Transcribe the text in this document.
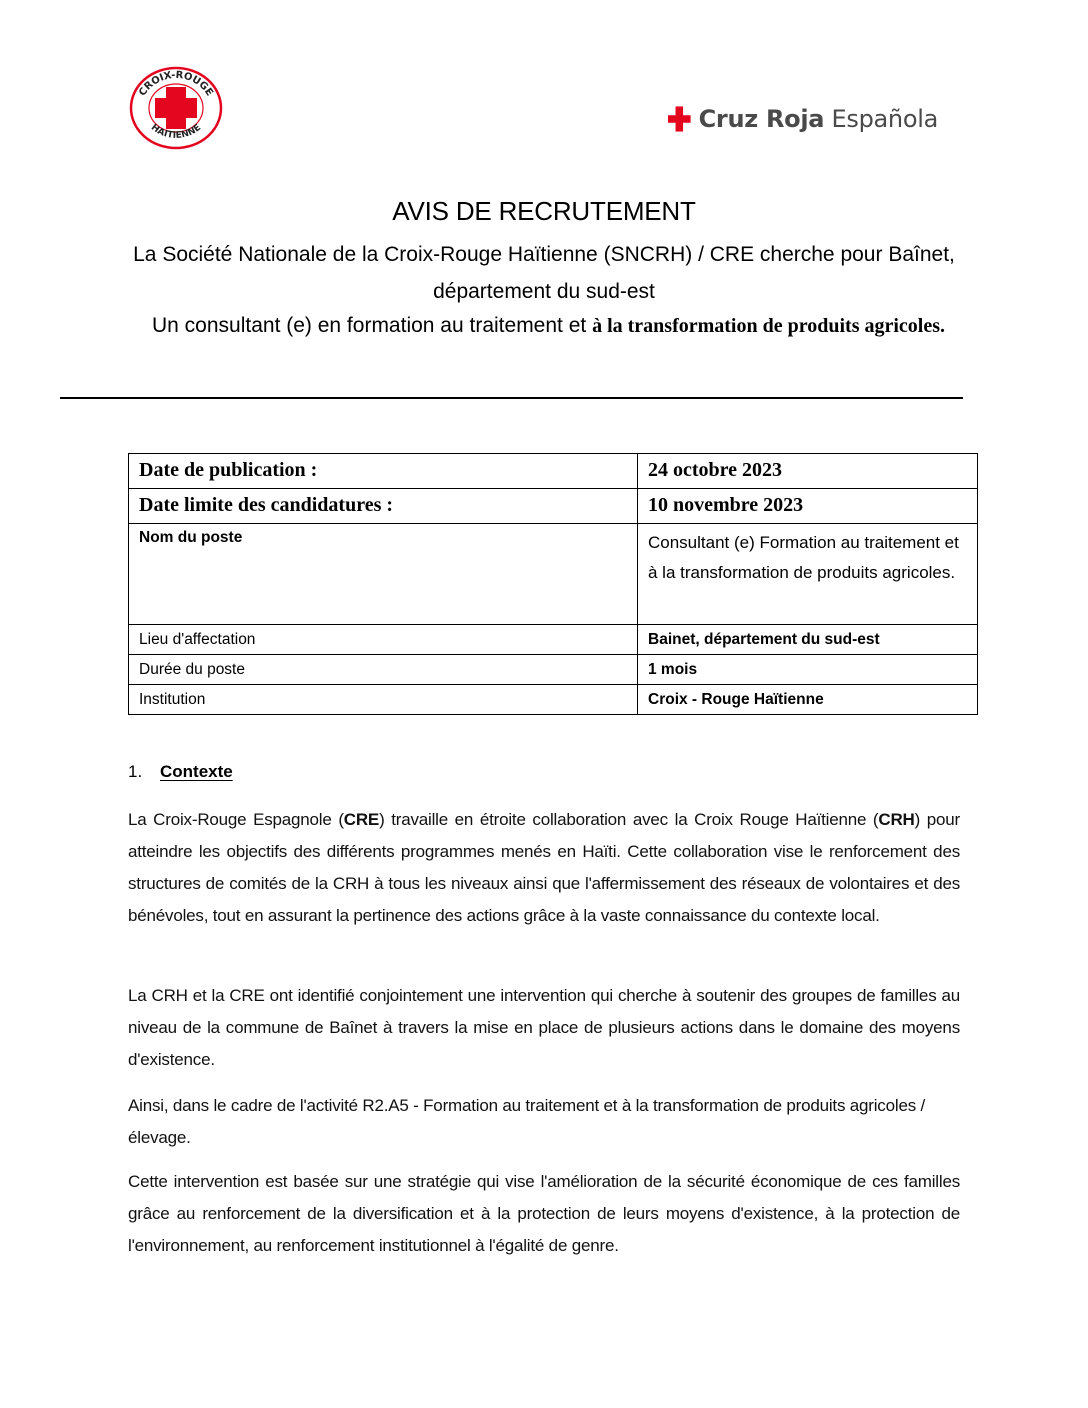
CROIX-ROUGE
HAITIENNE	Cruz Roja Española
AVIS DE RECRUTEMENT
La Société Nationale de la Croix-Rouge Haïtienne (SNCRH) / CRE cherche pour Baînet, département du sud-est
Un consultant (e) en formation au traitement et à la transformation de produits agricoles.
Date de publication :	24 octobre 2023
Date limite des candidatures :	10 novembre 2023
Nom du poste	Consultant (e) Formation au traitement et à la transformation de produits agricoles.
Lieu d'affectation	Bainet, département du sud-est
Durée du poste	1 mois
Institution	Croix - Rouge Haïtienne
1. Contexte
La Croix-Rouge Espagnole (CRE) travaille en étroite collaboration avec la Croix Rouge Haïtienne (CRH) pour atteindre les objectifs des différents programmes menés en Haïti. Cette collaboration vise le renforcement des structures de comités de la CRH à tous les niveaux ainsi que l'affermissement des réseaux de volontaires et des bénévoles, tout en assurant la pertinence des actions grâce à la vaste connaissance du contexte local.
La CRH et la CRE ont identifié conjointement une intervention qui cherche à soutenir des groupes de familles au niveau de la commune de Baînet à travers la mise en place de plusieurs actions dans le domaine des moyens d'existence.
Ainsi, dans le cadre de l'activité R2.A5 - Formation au traitement et à la transformation de produits agricoles / élevage.
Cette intervention est basée sur une stratégie qui vise l'amélioration de la sécurité économique de ces familles grâce au renforcement de la diversification et à la protection de leurs moyens d'existence, à la protection de l'environnement, au renforcement institutionnel à l'égalité de genre.
